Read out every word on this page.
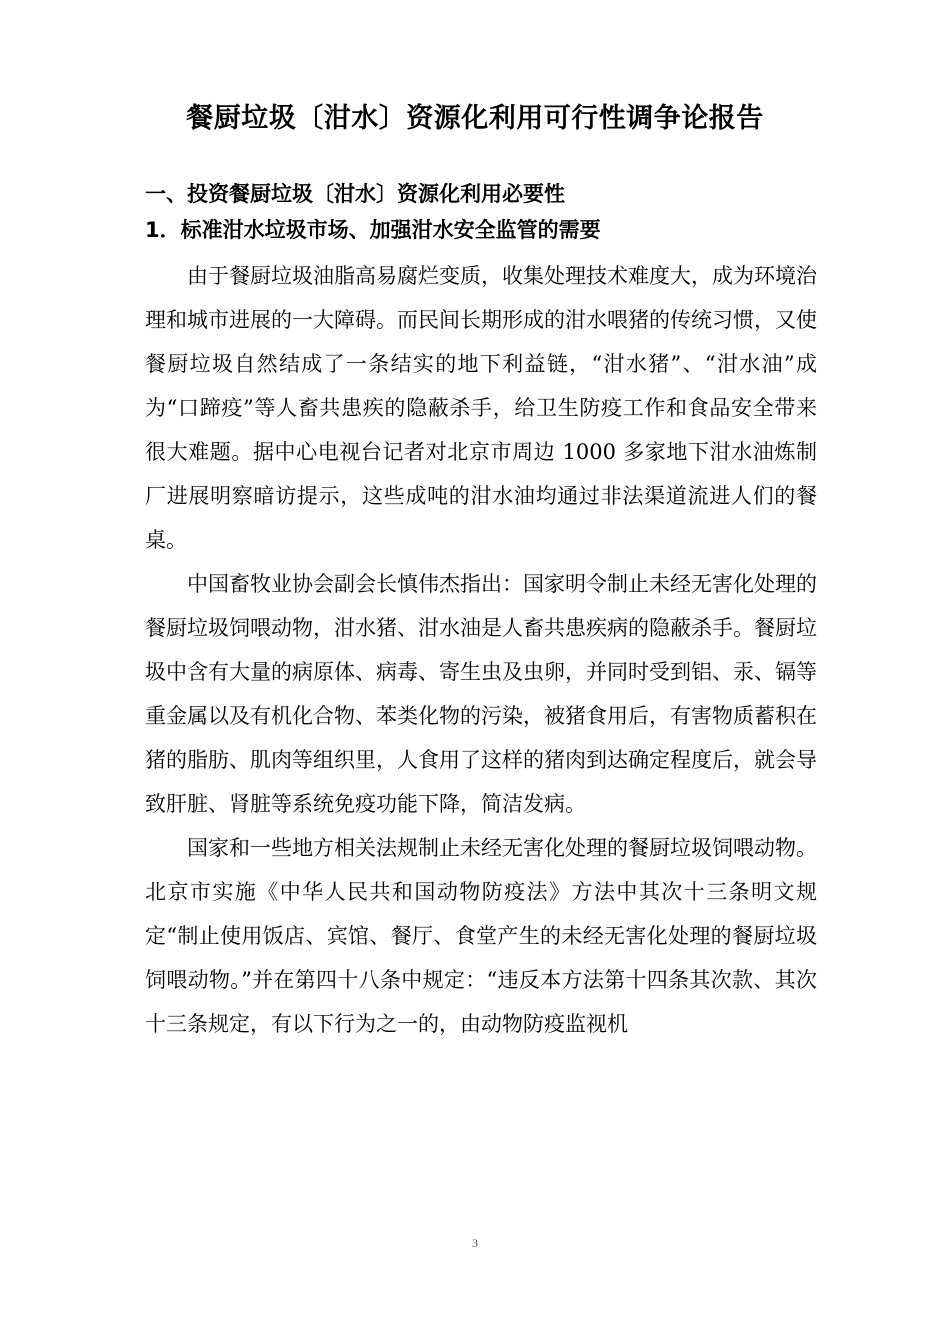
餐厨垃圾〔泔水〕资源化利用可行性调争论报告
一、投资餐厨垃圾〔泔水〕资源化利用必要性
1．标准泔水垃圾市场、加强泔水安全监管的需要

由于餐厨垃圾油脂高易腐烂变质，收集处理技术难度大，成为环境治理和城市进展的一大障碍。而民间长期形成的泔水喂猪的传统习惯，又使餐厨垃圾自然结成了一条结实的地下利益链，“泔水猪”、“泔水油”成为“口蹄疫”等人畜共患疾的隐蔽杀手，给卫生防疫工作和食品安全带来很大难题。据中心电视台记者对北京市周边 1000 多家地下泔水油炼制厂进展明察暗访提示，这些成吨的泔水油均通过非法渠道流进人们的餐桌。

中国畜牧业协会副会长慎伟杰指出：国家明令制止未经无害化处理的餐厨垃圾饲喂动物，泔水猪、泔水油是人畜共患疾病的隐蔽杀手。餐厨垃圾中含有大量的病原体、病毒、寄生虫及虫卵，并同时受到铝、汞、镉等重金属以及有机化合物、苯类化物的污染，被猪食用后，有害物质蓄积在猪的脂肪、肌肉等组织里，人食用了这样的猪肉到达确定程度后，就会导致肝脏、肾脏等系统免疫功能下降，简洁发病。

国家和一些地方相关法规制止未经无害化处理的餐厨垃圾饲喂动物。北京市实施《中华人民共和国动物防疫法》方法中其次十三条明文规定“制止使用饭店、宾馆、餐厅、食堂产生的未经无害化处理的餐厨垃圾饲喂动物。”并在第四十八条中规定：“违反本方法第十四条其次款、其次十三条规定，有以下行为之一的，由动物防疫监视机

3
